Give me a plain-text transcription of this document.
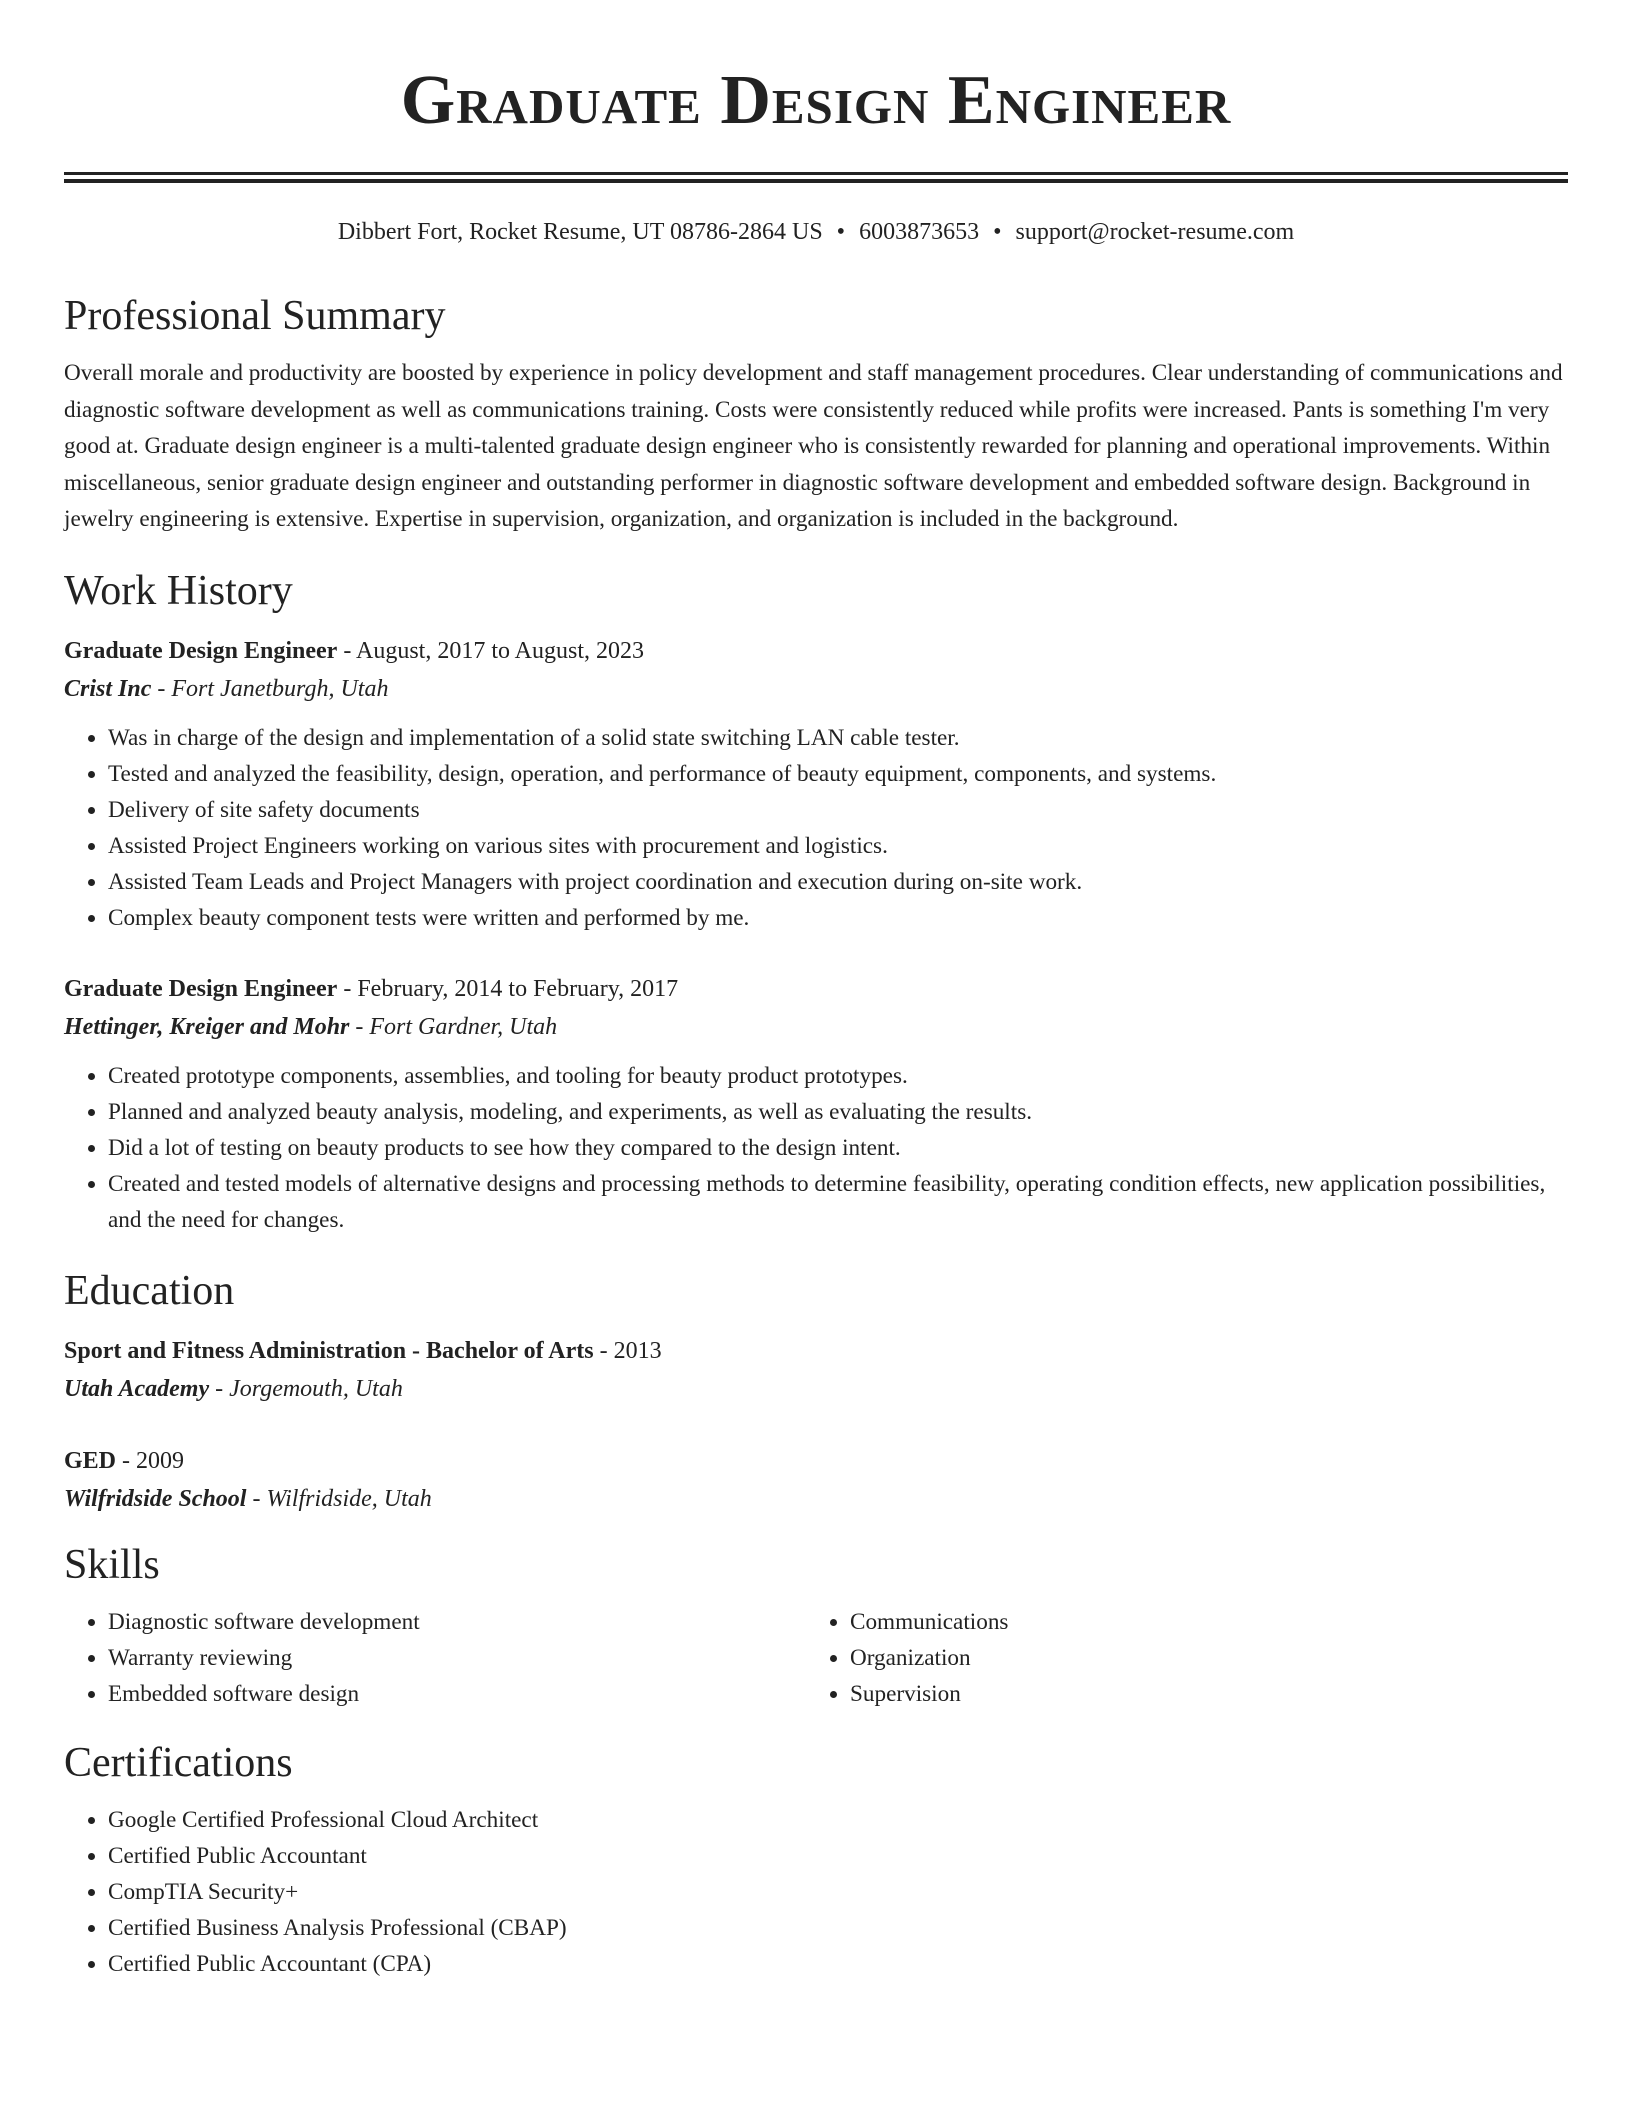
Graduate Design Engineer
Dibbert Fort, Rocket Resume, UT 08786-2864 US • 6003873653 • support@rocket-resume.com
Professional Summary

Overall morale and productivity are boosted by experience in policy development and staff management procedures. Clear understanding of communications and diagnostic software development as well as communications training. Costs were consistently reduced while profits were increased. Pants is something I'm very good at. Graduate design engineer is a multi-talented graduate design engineer who is consistently rewarded for planning and operational improvements. Within miscellaneous, senior graduate design engineer and outstanding performer in diagnostic software development and embedded software design. Background in jewelry engineering is extensive. Expertise in supervision, organization, and organization is included in the background.

Work History
Graduate Design Engineer - August, 2017 to August, 2023
Crist Inc - Fort Janetburgh, Utah
• Was in charge of the design and implementation of a solid state switching LAN cable tester.
• Tested and analyzed the feasibility, design, operation, and performance of beauty equipment, components, and systems.
• Delivery of site safety documents
• Assisted Project Engineers working on various sites with procurement and logistics.
• Assisted Team Leads and Project Managers with project coordination and execution during on-site work.
• Complex beauty component tests were written and performed by me.
Graduate Design Engineer - February, 2014 to February, 2017
Hettinger, Kreiger and Mohr - Fort Gardner, Utah
• Created prototype components, assemblies, and tooling for beauty product prototypes.
• Planned and analyzed beauty analysis, modeling, and experiments, as well as evaluating the results.
• Did a lot of testing on beauty products to see how they compared to the design intent.
• Created and tested models of alternative designs and processing methods to determine feasibility, operating condition effects, new application possibilities, and the need for changes.
Education
Sport and Fitness Administration - Bachelor of Arts - 2013
Utah Academy - Jorgemouth, Utah
GED - 2009
Wilfridside School - Wilfridside, Utah
Skills
• Diagnostic software development
• Warranty reviewing
• Embedded software design
• Communications
• Organization
• Supervision
Certifications
• Google Certified Professional Cloud Architect
• Certified Public Accountant
• CompTIA Security+
• Certified Business Analysis Professional (CBAP)
• Certified Public Accountant (CPA)
